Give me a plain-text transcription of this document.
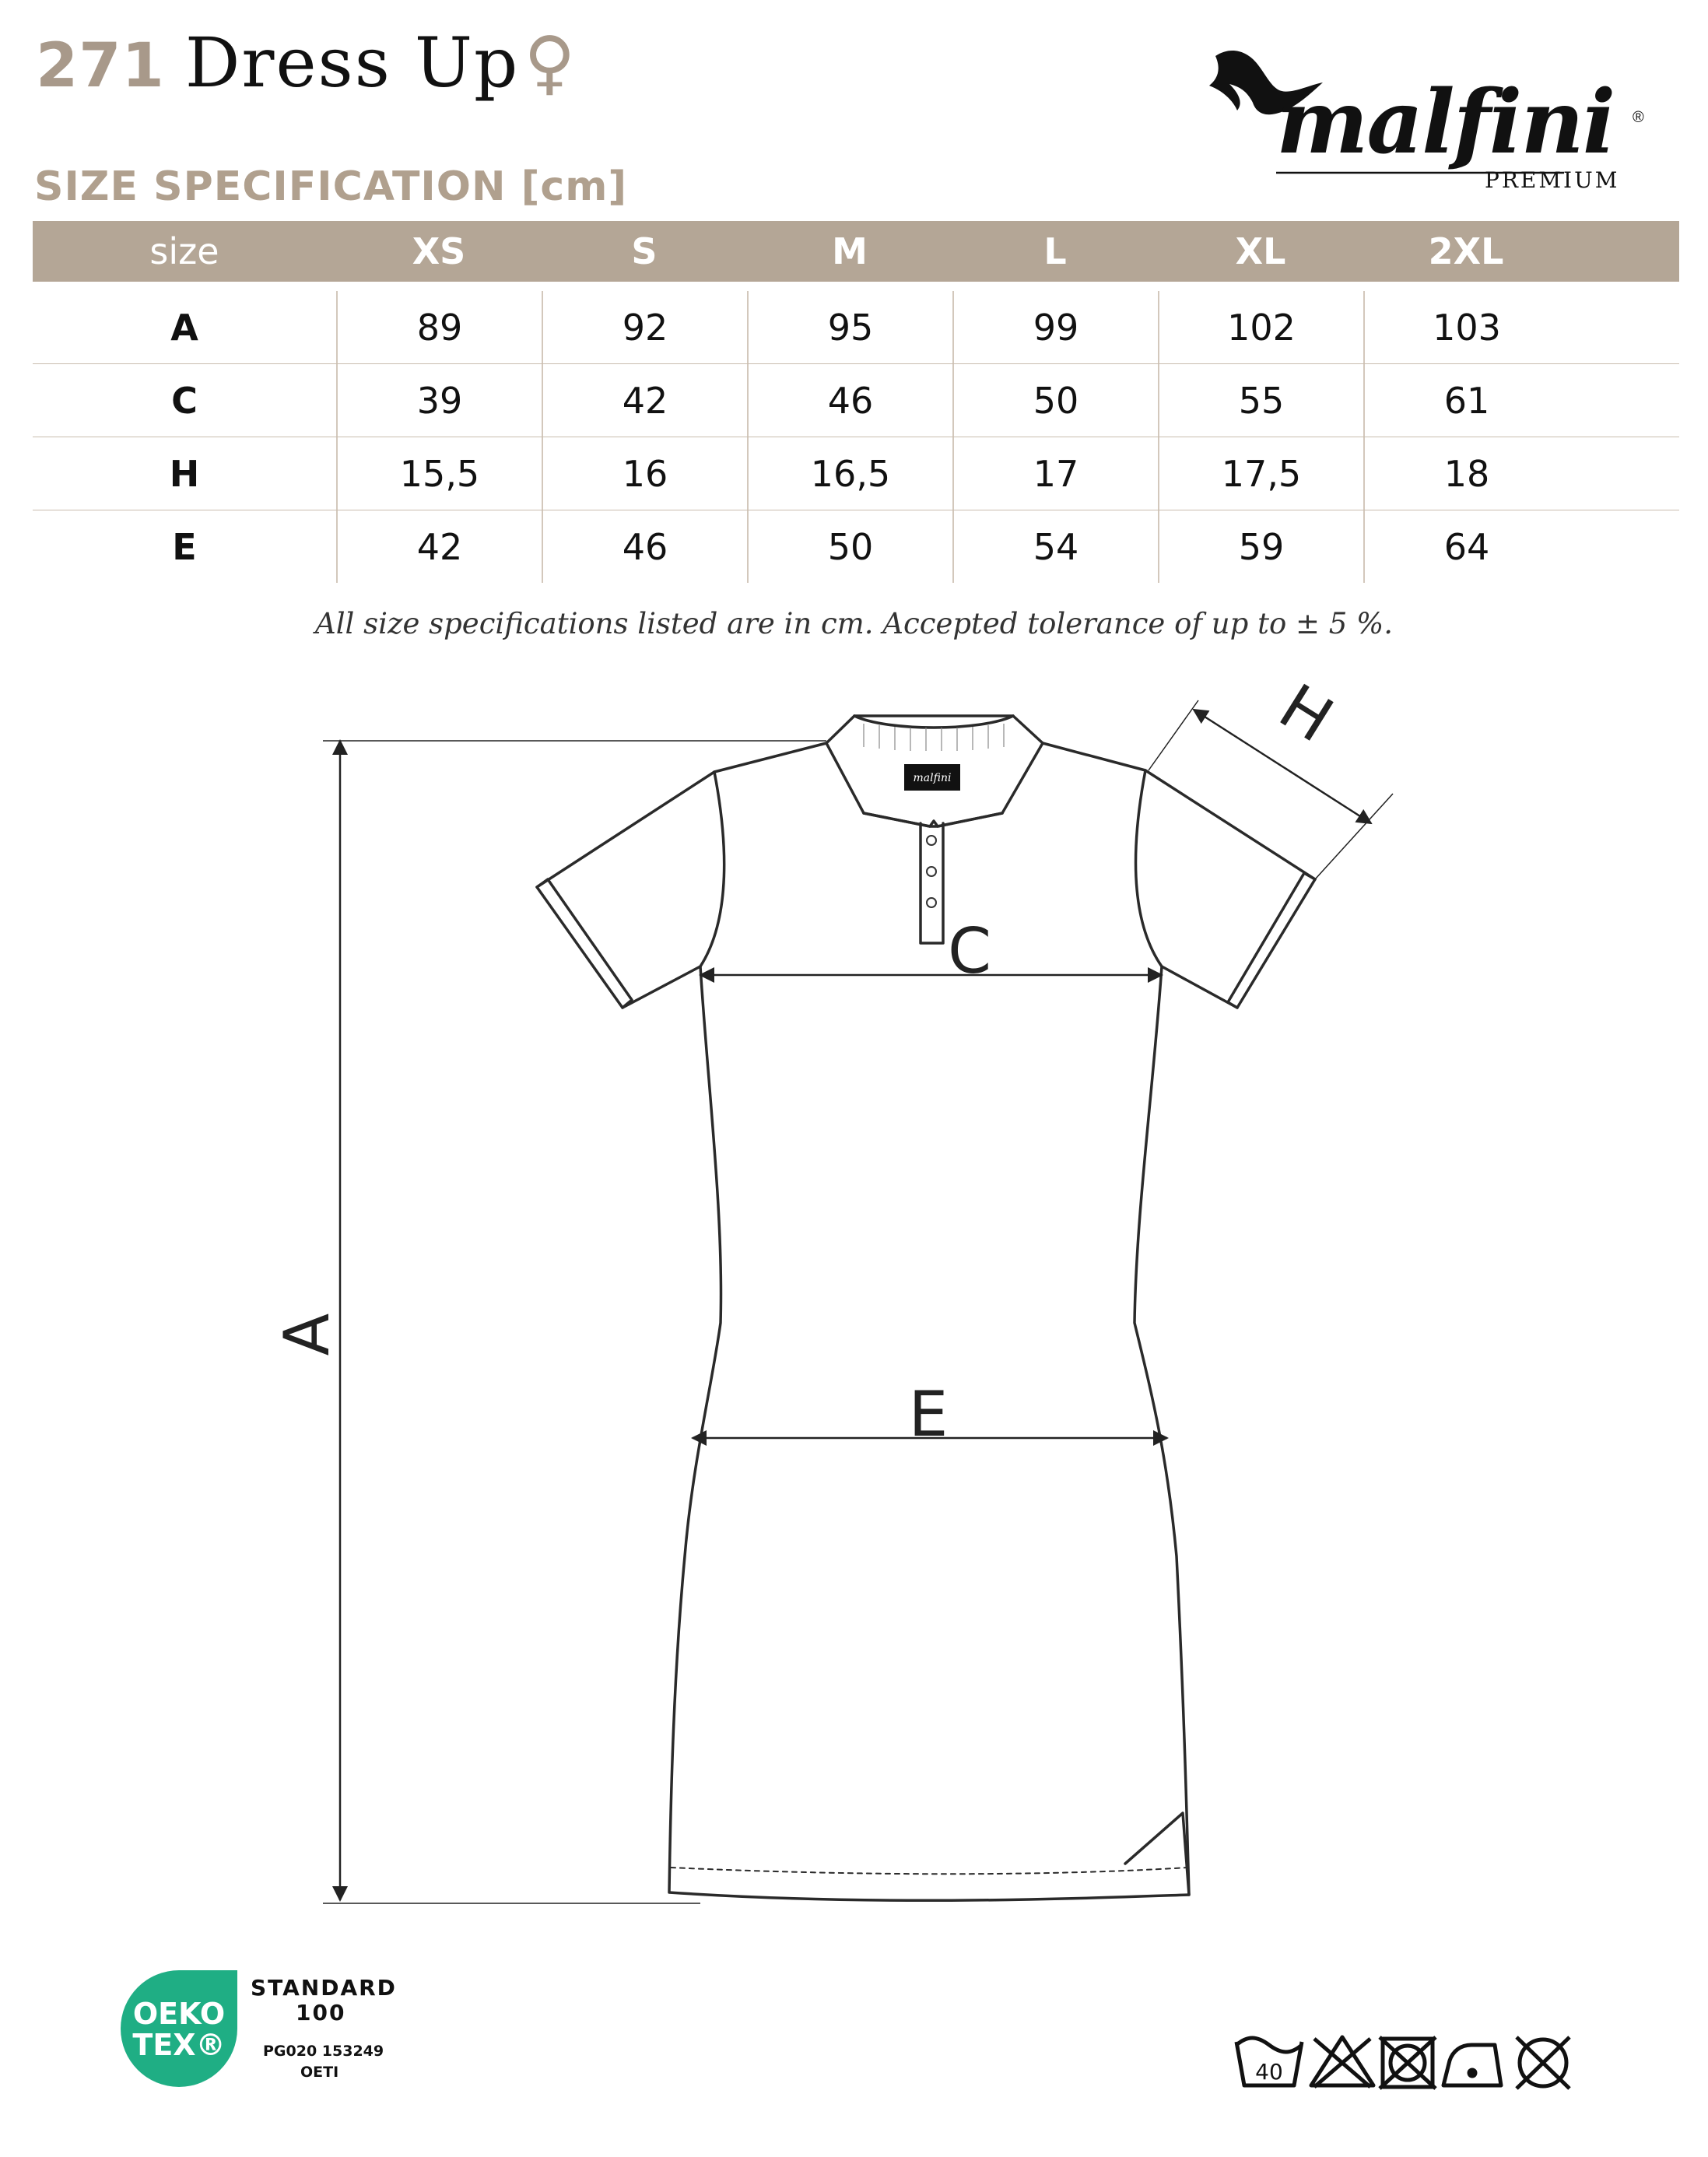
271 Dress Up ♀
SIZE SPECIFICATION [cm]
malfini ®
PREMIUM
size	XS	S	M	L	XL	2XL
A	89	92	95	99	102	103
C	39	42	46	50	55	61
H	15,5	16	16,5	17	17,5	18
E	42	46	50	54	59	64
All size specifications listed are in cm. Accepted tolerance of up to ± 5 %.
malfini
A
C
E
H
OEKO
TEX®
STANDARD
100
PG020 153249
OETI	40
